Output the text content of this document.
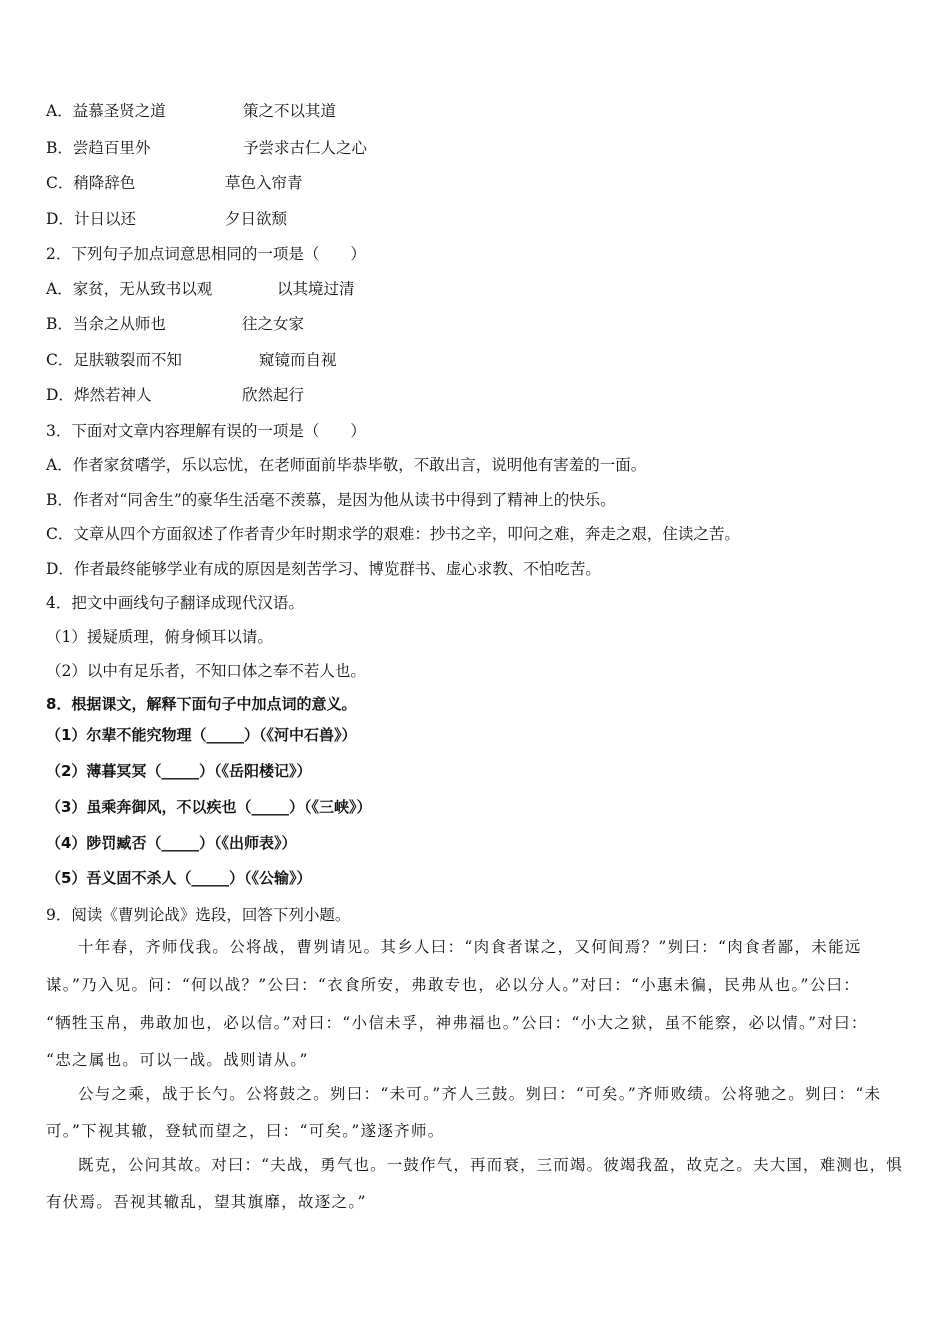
A．益慕圣贤之道	策之不以其道
B．尝趋百里外	予尝求古仁人之心
C．稍降辞色	草色入帘青
D．计日以还	夕日欲颓
2．下列句子加点词意思相同的一项是（　　）
A．家贫，无从致书以观	以其境过清
B．当余之从师也	往之女家
C．足肤皲裂而不知	窥镜而自视
D．烨然若神人	欣然起行
3．下面对文章内容理解有误的一项是（　　）
A．作者家贫嗜学，乐以忘忧，在老师面前毕恭毕敬，不敢出言，说明他有害羞的一面。
B．作者对“同舍生”的豪华生活毫不羡慕，是因为他从读书中得到了精神上的快乐。
C．文章从四个方面叙述了作者青少年时期求学的艰难：抄书之辛，叩问之难，奔走之艰，住读之苦。
D．作者最终能够学业有成的原因是刻苦学习、博览群书、虚心求教、不怕吃苦。
4．把文中画线句子翻译成现代汉语。
（1）援疑质理，俯身倾耳以请。
（2）以中有足乐者，不知口体之奉不若人也。
8．根据课文，解释下面句子中加点词的意义。
（1）尔辈不能究物理（_____）（《河中石兽》）
（2）薄暮冥冥（_____）（《岳阳楼记》）
（3）虽乘奔御风，不以疾也（_____）（《三峡》）
（4）陟罚臧否（_____）（《出师表》）
（5）吾义固不杀人（_____）（《公输》）
9．阅读《曹刿论战》选段，回答下列小题。
十年春，齐师伐我。公将战，曹刿请见。其乡人曰：“肉食者谋之，又何间焉？”刿曰：“肉食者鄙，未能远
谋。”乃入见。问：“何以战？”公曰：“衣食所安，弗敢专也，必以分人。”对曰：“小惠未徧，民弗从也。”公曰：
“牺牲玉帛，弗敢加也，必以信。”对曰：“小信未孚，神弗福也。”公曰：“小大之狱，虽不能察，必以情。”对曰：
“忠之属也。可以一战。战则请从。”
公与之乘，战于长勺。公将鼓之。刿曰：“未可。”齐人三鼓。刿曰：“可矣。”齐师败绩。公将驰之。刿曰：“未
可。”下视其辙，登轼而望之，曰：“可矣。”遂逐齐师。
既克，公问其故。对曰：“夫战，勇气也。一鼓作气，再而衰，三而竭。彼竭我盈，故克之。夫大国，难测也，惧
有伏焉。吾视其辙乱，望其旗靡，故逐之。”
